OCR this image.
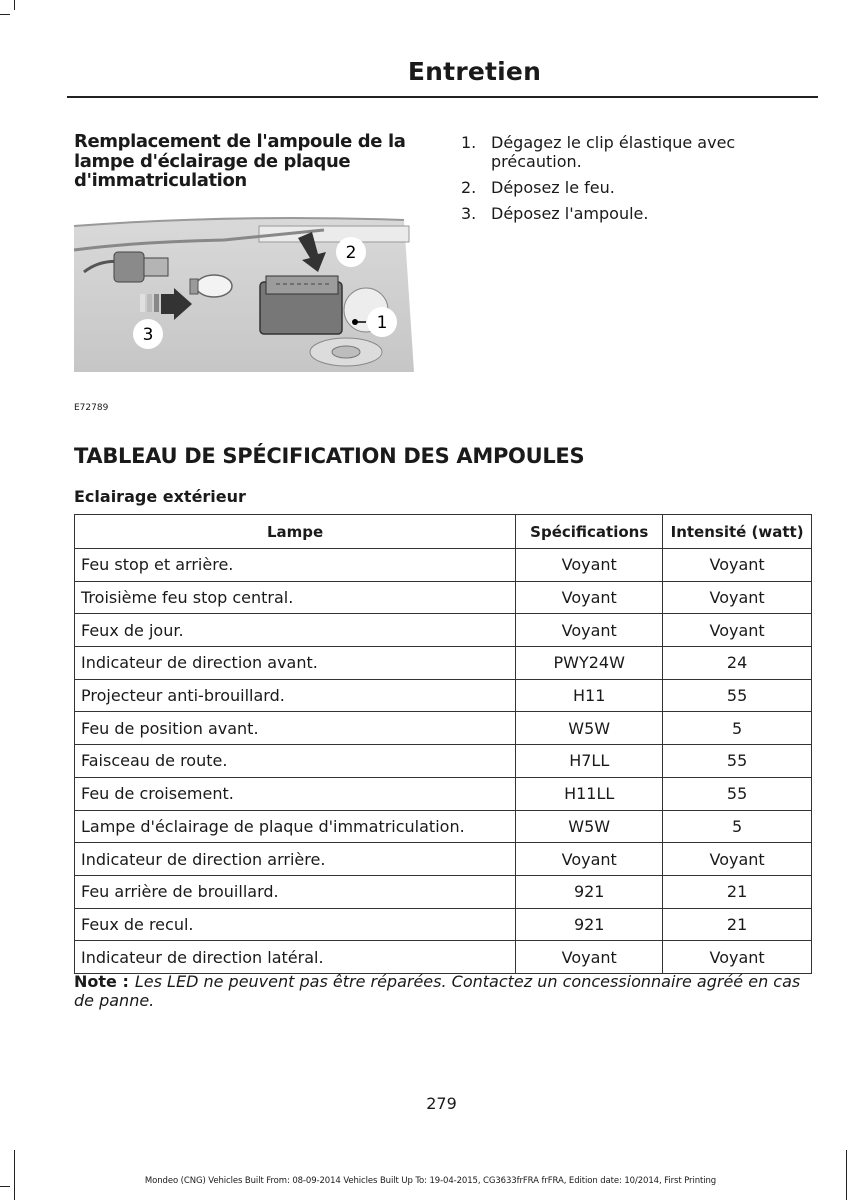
Entretien
Remplacement de l'ampoule de la lampe d'éclairage de plaque d'immatriculation
1
2
3
E72789
1. Dégagez le clip élastique avec précaution.
2. Déposez le feu.
3. Déposez l'ampoule.
TABLEAU DE SPÉCIFICATION DES AMPOULES
Eclairage extérieur
Lampe	Spécifications	Intensité (watt)
Feu stop et arrière.	Voyant	Voyant
Troisième feu stop central.	Voyant	Voyant
Feux de jour.	Voyant	Voyant
Indicateur de direction avant.	PWY24W	24
Projecteur anti-brouillard.	H11	55
Feu de position avant.	W5W	5
Faisceau de route.	H7LL	55
Feu de croisement.	H11LL	55
Lampe d'éclairage de plaque d'immatriculation.	W5W	5
Indicateur de direction arrière.	Voyant	Voyant
Feu arrière de brouillard.	921	21
Feux de recul.	921	21
Indicateur de direction latéral.	Voyant	Voyant
Note : Les LED ne peuvent pas être réparées. Contactez un concessionnaire agréé en cas de panne.
279
Mondeo (CNG) Vehicles Built From: 08-09-2014 Vehicles Built Up To: 19-04-2015, CG3633frFRA frFRA, Edition date: 10/2014, First Printing
